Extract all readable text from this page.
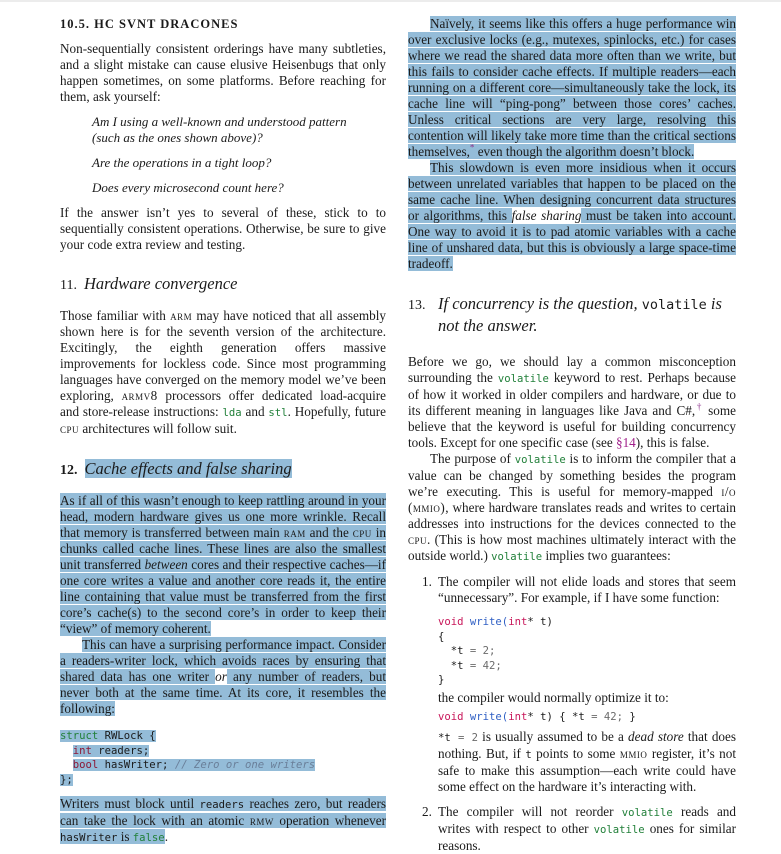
10.5. HC SVNT DRACONES

Non-sequentially consistent orderings have many subtleties, and a slight mistake can cause elusive Heisenbugs that only happen sometimes, on some platforms. Before reaching for them, ask yourself:

Am I using a well-known and understood pattern (such as the ones shown above)?
Are the operations in a tight loop?
Does every microsecond count here?

If the answer isn’t yes to several of these, stick to to sequentially consistent operations. Otherwise, be sure to give your code extra review and testing.

11. Hardware convergence

Those familiar with arm may have noticed that all assembly shown here is for the seventh version of the architecture. Excitingly, the eighth generation offers massive improvements for lockless code. Since most programming languages have converged on the memory model we’ve been exploring, armv8 processors offer dedicated load-acquire and store-release instructions: lda and stl. Hopefully, future cpu architectures will follow suit.

12. Cache effects and false sharing

As if all of this wasn’t enough to keep rattling around in your head, modern hardware gives us one more wrinkle. Recall that memory is transferred between main ram and the cpu in chunks called cache lines. These lines are also the smallest unit transferred between cores and their respective caches—if one core writes a value and another core reads it, the entire line containing that value must be transferred from the first core’s cache(s) to the second core’s in order to keep their “view” of memory coherent.

This can have a surprising performance impact. Consider a readers-writer lock, which avoids races by ensuring that shared data has one writer or any number of readers, but never both at the same time. At its core, it resembles the following:

struct RWLock {
int readers;
bool hasWriter; // Zero or one writers
};

Writers must block until readers reaches zero, but readers can take the lock with an atomic rmw operation whenever hasWriter is false.

Naïvely, it seems like this offers a huge performance win over exclusive locks (e.g., mutexes, spinlocks, etc.) for cases where we read the shared data more often than we write, but this fails to consider cache effects. If multiple readers—each running on a different core—simultaneously take the lock, its cache line will “ping-pong” between those cores’ caches. Unless critical sections are very large, resolving this contention will likely take more time than the critical sections themselves,* even though the algorithm doesn’t block.

This slowdown is even more insidious when it occurs between unrelated variables that happen to be placed on the same cache line. When designing concurrent data structures or algorithms, this false sharing must be taken into account. One way to avoid it is to pad atomic variables with a cache line of unshared data, but this is obviously a large space-time tradeoff.

13. If concurrency is the question, volatile is not the answer.

Before we go, we should lay a common misconception surrounding the volatile keyword to rest. Perhaps because of how it worked in older compilers and hardware, or due to its different meaning in languages like Java and C#,† some believe that the keyword is useful for building concurrency tools. Except for one specific case (see §14), this is false.

The purpose of volatile is to inform the compiler that a value can be changed by something besides the program we’re executing. This is useful for memory-mapped i/o (mmio), where hardware translates reads and writes to certain addresses into instructions for the devices connected to the cpu. (This is how most machines ultimately interact with the outside world.) volatile implies two guarantees:

1. The compiler will not elide loads and stores that seem “unnecessary”. For example, if I have some function:

void write(int* t)
{
*t = 2;
*t = 42;
}

the compiler would normally optimize it to:

void write(int* t) { *t = 42; }

*t = 2 is usually assumed to be a dead store that does nothing. But, if t points to some mmio register, it’s not safe to make this assumption—each write could have some effect on the hardware it’s interacting with.

2. The compiler will not reorder volatile reads and writes with respect to other volatile ones for similar reasons.
